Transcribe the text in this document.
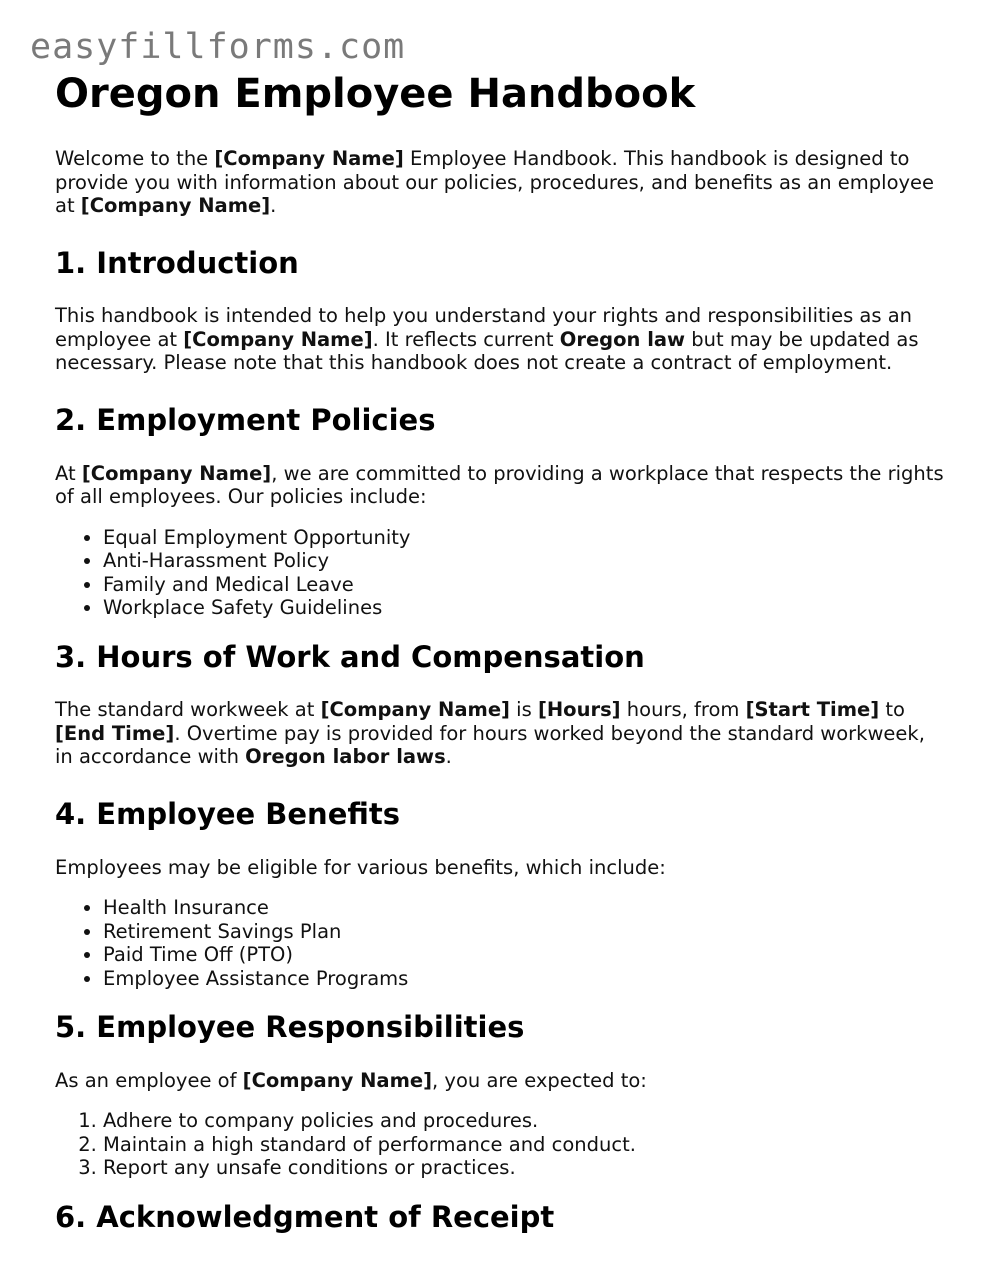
easyfillforms.com
Oregon Employee Handbook

Welcome to the [Company Name] Employee Handbook. This handbook is designed to provide you with information about our policies, procedures, and benefits as an employee at [Company Name].

1. Introduction

This handbook is intended to help you understand your rights and responsibilities as an employee at [Company Name]. It reflects current Oregon law but may be updated as necessary. Please note that this handbook does not create a contract of employment.

2. Employment Policies

At [Company Name], we are committed to providing a workplace that respects the rights of all employees. Our policies include:

• Equal Employment Opportunity
• Anti-Harassment Policy
• Family and Medical Leave
• Workplace Safety Guidelines
3. Hours of Work and Compensation

The standard workweek at [Company Name] is [Hours] hours, from [Start Time] to [End Time]. Overtime pay is provided for hours worked beyond the standard workweek, in accordance with Oregon labor laws.

4. Employee Benefits

Employees may be eligible for various benefits, which include:

• Health Insurance
• Retirement Savings Plan
• Paid Time Off (PTO)
• Employee Assistance Programs
5. Employee Responsibilities

As an employee of [Company Name], you are expected to:

1. Adhere to company policies and procedures.
2. Maintain a high standard of performance and conduct.
3. Report any unsafe conditions or practices.
6. Acknowledgment of Receipt
